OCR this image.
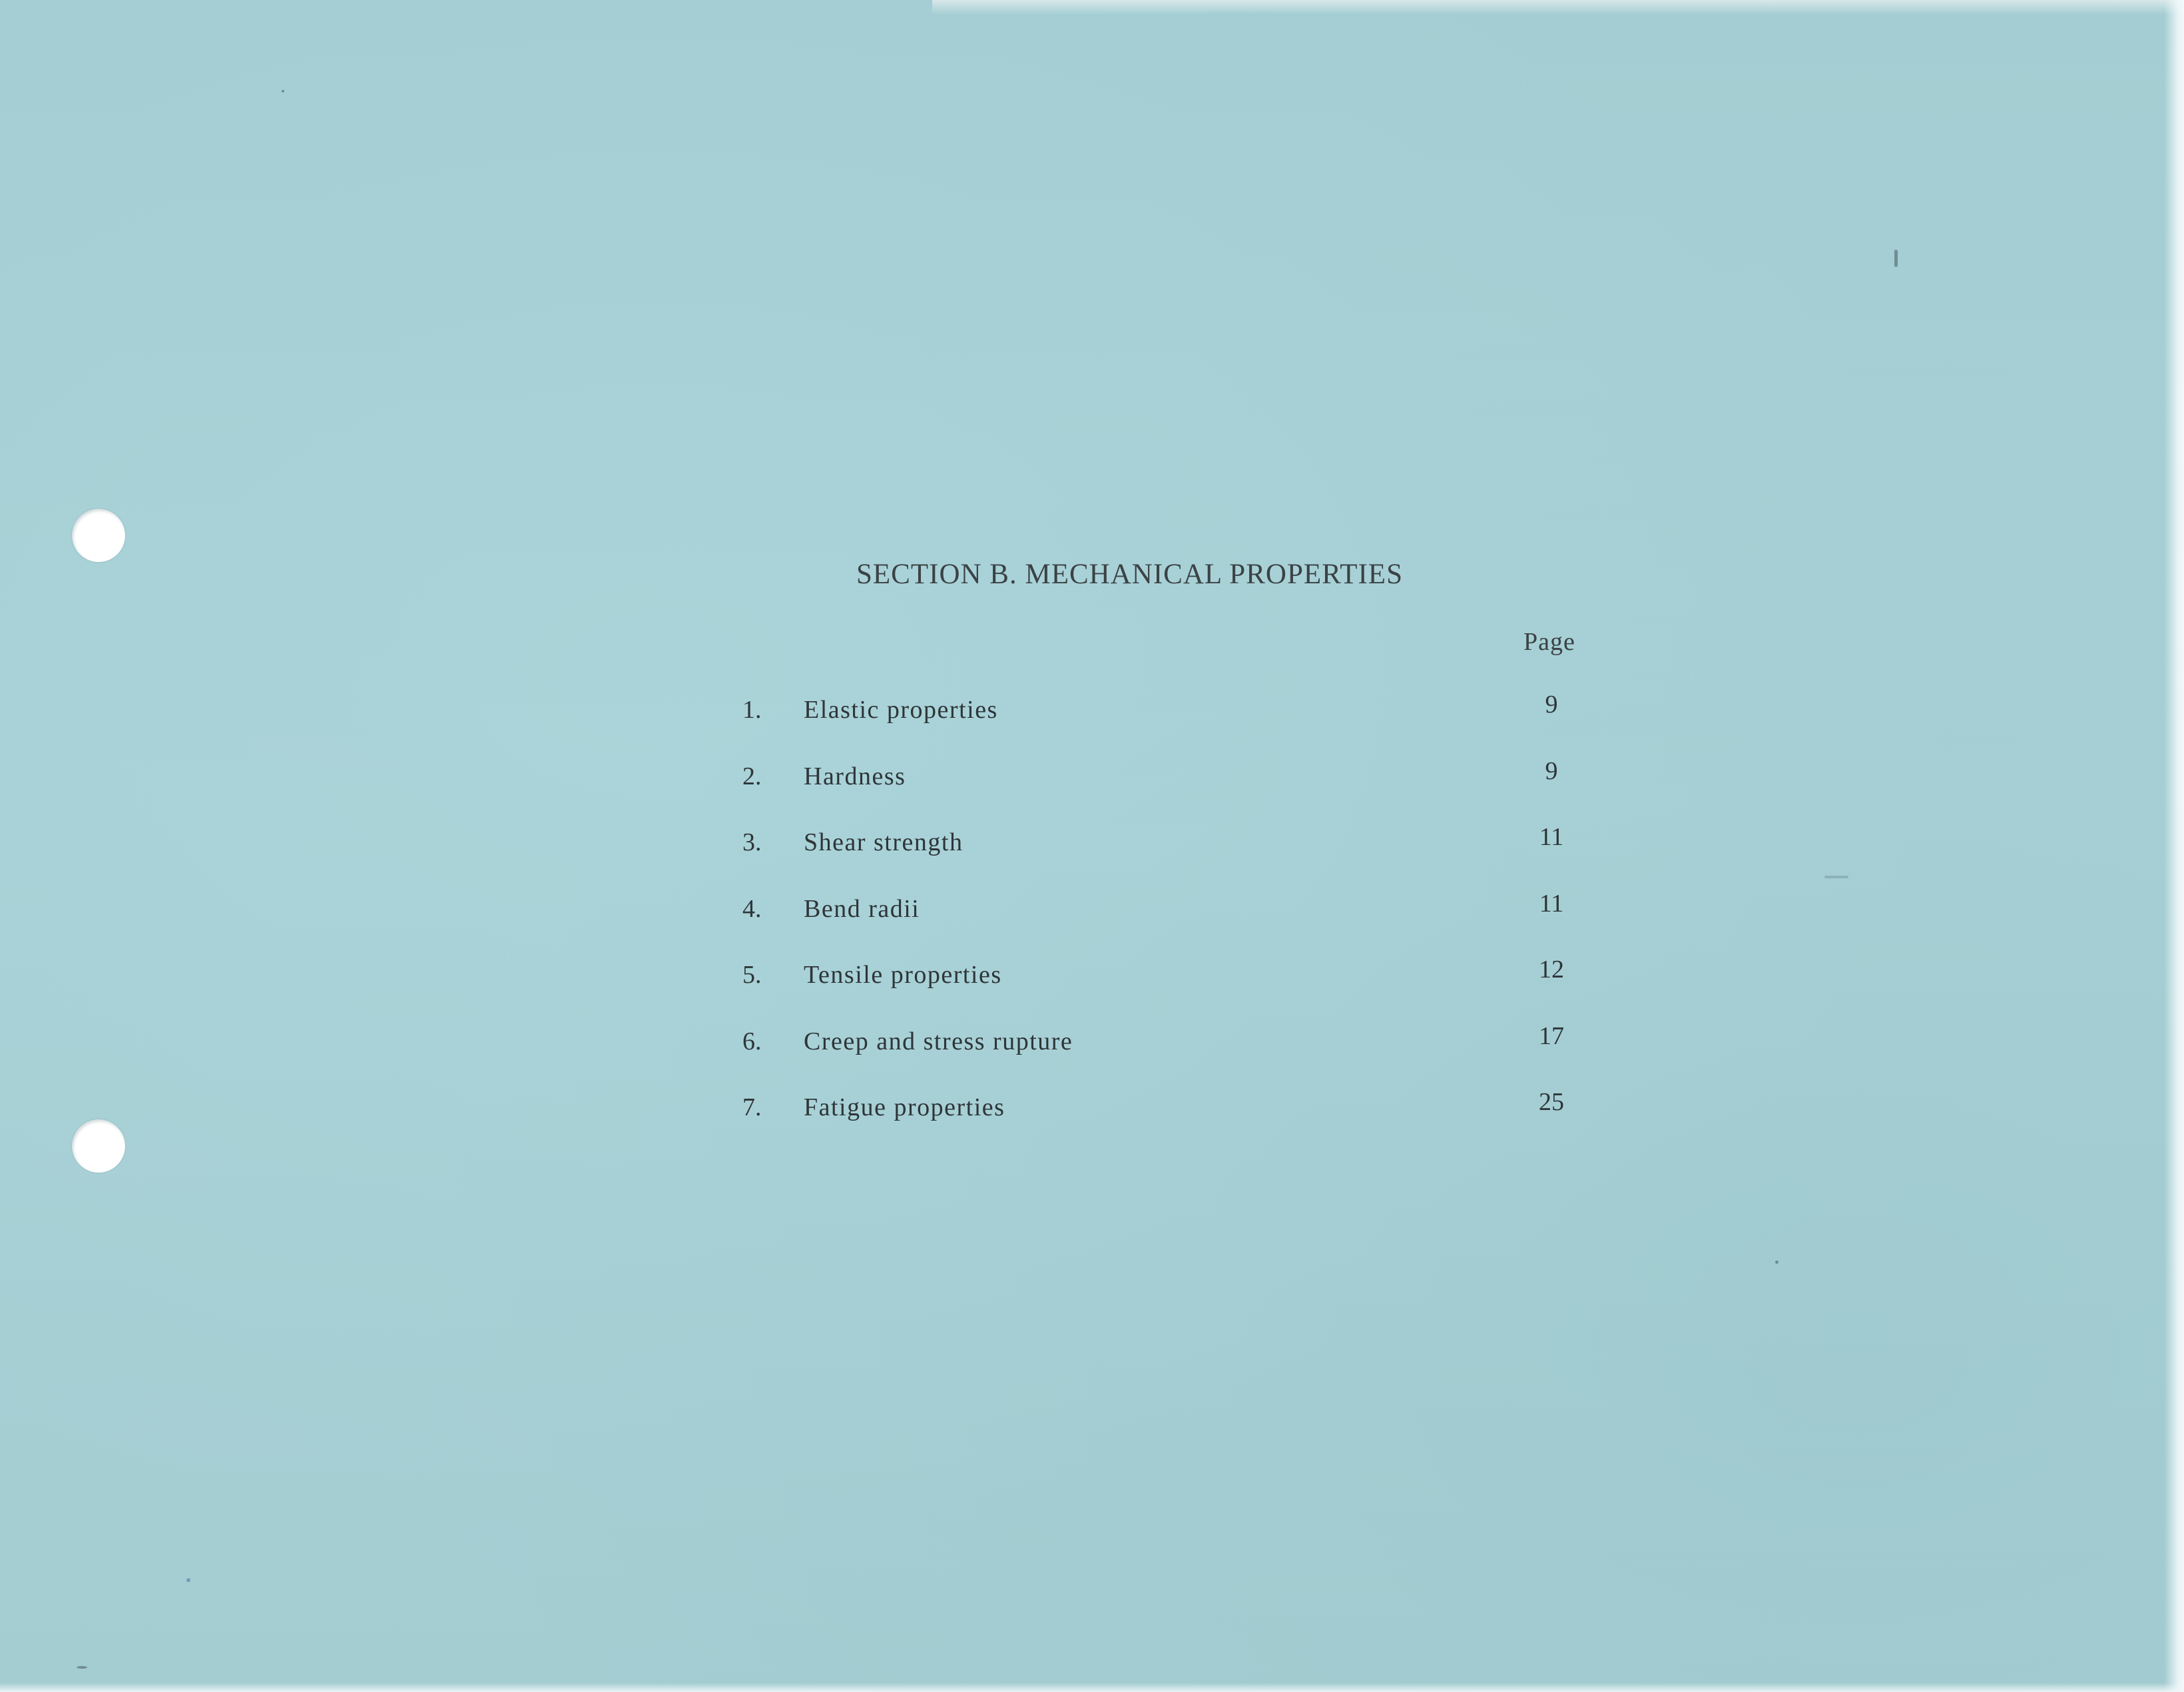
SECTION B. MECHANICAL PROPERTIES
Page
1. Elastic properties	9
2. Hardness	9
3. Shear strength	11
4. Bend radii	11
5. Tensile properties	12
6. Creep and stress rupture	17
7. Fatigue properties	25
